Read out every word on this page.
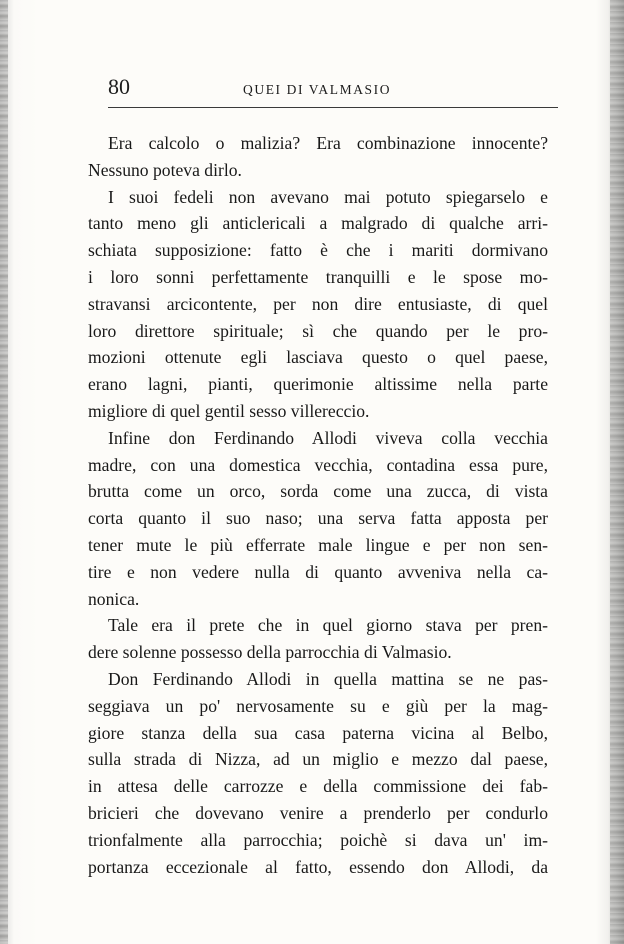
80	QUEI DI VALMASIO
Era calcolo o malizia? Era combinazione innocente?
Nessuno poteva dirlo.
I suoi fedeli non avevano mai potuto spiegarselo e
tanto meno gli anticlericali a malgrado di qualche arri-
schiata supposizione: fatto è che i mariti dormivano
i loro sonni perfettamente tranquilli e le spose mo-
stravansi arcicontente, per non dire entusiaste, di quel
loro direttore spirituale; sì che quando per le pro-
mozioni ottenute egli lasciava questo o quel paese,
erano lagni, pianti, querimonie altissime nella parte
migliore di quel gentil sesso villereccio.
Infine don Ferdinando Allodi viveva colla vecchia
madre, con una domestica vecchia, contadina essa pure,
brutta come un orco, sorda come una zucca, di vista
corta quanto il suo naso; una serva fatta apposta per
tener mute le più efferrate male lingue e per non sen-
tire e non vedere nulla di quanto avveniva nella ca-
nonica.
Tale era il prete che in quel giorno stava per pren-
dere solenne possesso della parrocchia di Valmasio.
Don Ferdinando Allodi in quella mattina se ne pas-
seggiava un po' nervosamente su e giù per la mag-
giore stanza della sua casa paterna vicina al Belbo,
sulla strada di Nizza, ad un miglio e mezzo dal paese,
in attesa delle carrozze e della commissione dei fab-
bricieri che dovevano venire a prenderlo per condurlo
trionfalmente alla parrocchia; poichè si dava un' im-
portanza eccezionale al fatto, essendo don Allodi, da
